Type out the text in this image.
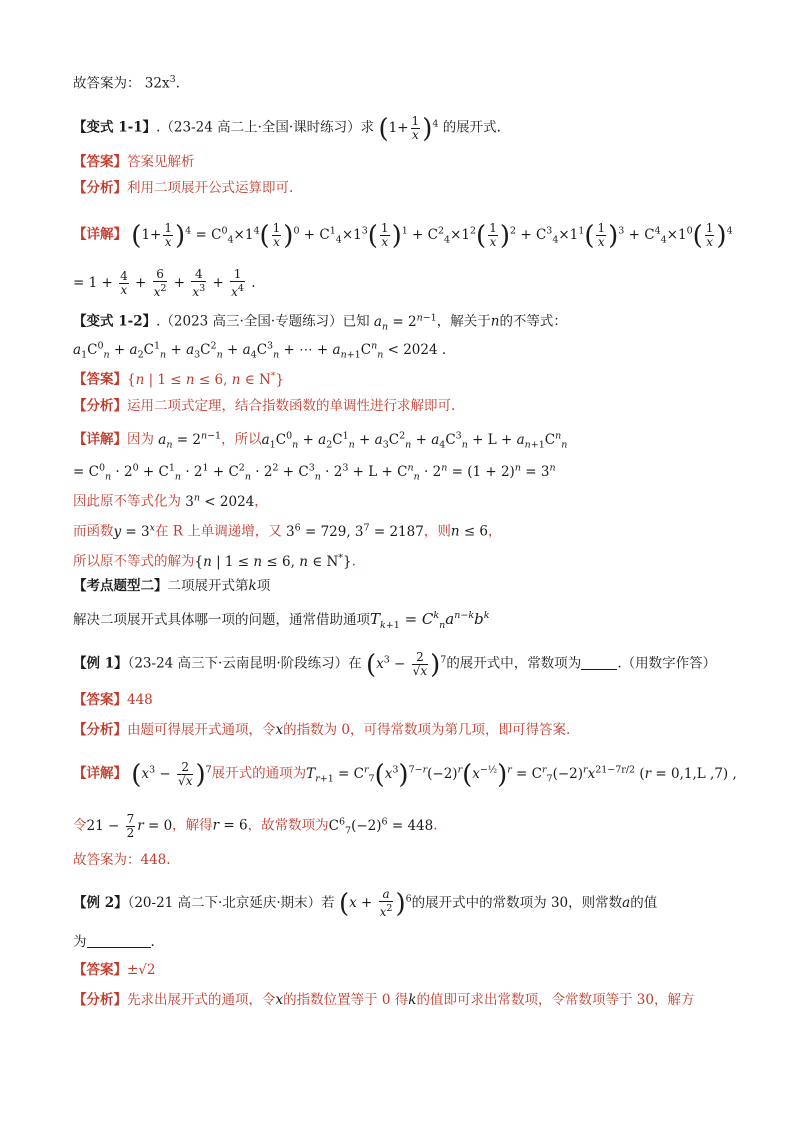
故答案为： $32x^3$.
【变式 1-1】.（23-24 高二上·全国·课时练习）求 $(1+ \frac{1}{x} )^4$ 的展开式.
【答案】答案见解析
【分析】利用二项展开公式运算即可.
【详解】 $(1+ \frac{1}{x} )^4 = C^0_4\times 1^4( \frac{1}{x} )^0 + C^1_4\times 1^3( \frac{1}{x} )^1 + C^2_4\times 1^2( \frac{1}{x} )^2 + C^3_4\times 1^1( \frac{1}{x} )^3 + C^4_4\times 1^0( \frac{1}{x} )^4$
= $1 + \frac{4}{x} + \frac{6}{x^2} + \frac{4}{x^3} + \frac{1}{x^4}$ .
【变式 1-2】.（2023 高三·全国·专题练习）已知 $a_n = 2^{n-1}$，解关于n的不等式：
$a_1C^0_n + a_2C^1_n + a_3C^2_n + a_4C^3_n$ + ⋯ + $a_{n+1}C^n_n < 2024$ .
【答案】{n | 1 ≤ n ≤ 6, n ∈ N*}
【分析】运用二项式定理，结合指数函数的单调性进行求解即可.
【详解】因为 $a_n = 2^{n-1}$，所以$a_1C^0_n + a_2C^1_n + a_3C^2_n + a_4C^3_n + L + a_{n+1}C^n_n$
= $C^0_n \cdot 2^0 + C^1_n \cdot 2^1 + C^2_n \cdot 2^2 + C^3_n \cdot 2^3 + L + C^n_n \cdot 2^n = (1 + 2)^n = 3^n$
因此原不等式化为 $3^n < 2024$，
而函数$y = 3^x$在 R 上单调递增，又 $3^6 = 729$, $3^7 = 2187$，则n ≤ 6，
所以原不等式的解为{n | 1 ≤ n ≤ 6, n ∈ N*}.
【考点题型二】二项展开式第k项
解决二项展开式具体哪一项的问题，通常借助通项$T_{k+1} = C^k_na^{n-k}b^k$
【例 1】（23-24 高三下·云南昆明·阶段练习）在 $(x^3 - \frac{2}{√x} )^7$的展开式中，常数项为	.（用数字作答）
【答案】448
【分析】由题可得展开式通项，令x的指数为 0，可得常数项为第几项，即可得答案.
【详解】 $(x^3 - \frac{2}{√x} )^7$展开式的通项为$T_{r+1} = C^r_7(x^3)^{7-r}(-2)^r(x^{-\frac{1}{2}})^r = C^r_7(-2)^rx^{21-7r/2}$ (r = 0,1,L ,7) ,
令$21 - \frac{7}{2}$ r = 0，解得r = 6，故常数项为$C^6_7(-2)^6 = 448$.
故答案为：448.
【例 2】（20-21 高二下·北京延庆·期末）若 $(x + \frac{a}{x^2} )^6$的展开式中的常数项为 30，则常数a的值
为	.
【答案】±√2
【分析】先求出展开式的通项，令x的指数位置等于 0 得k的值即可求出常数项，令常数项等于 30，解方
